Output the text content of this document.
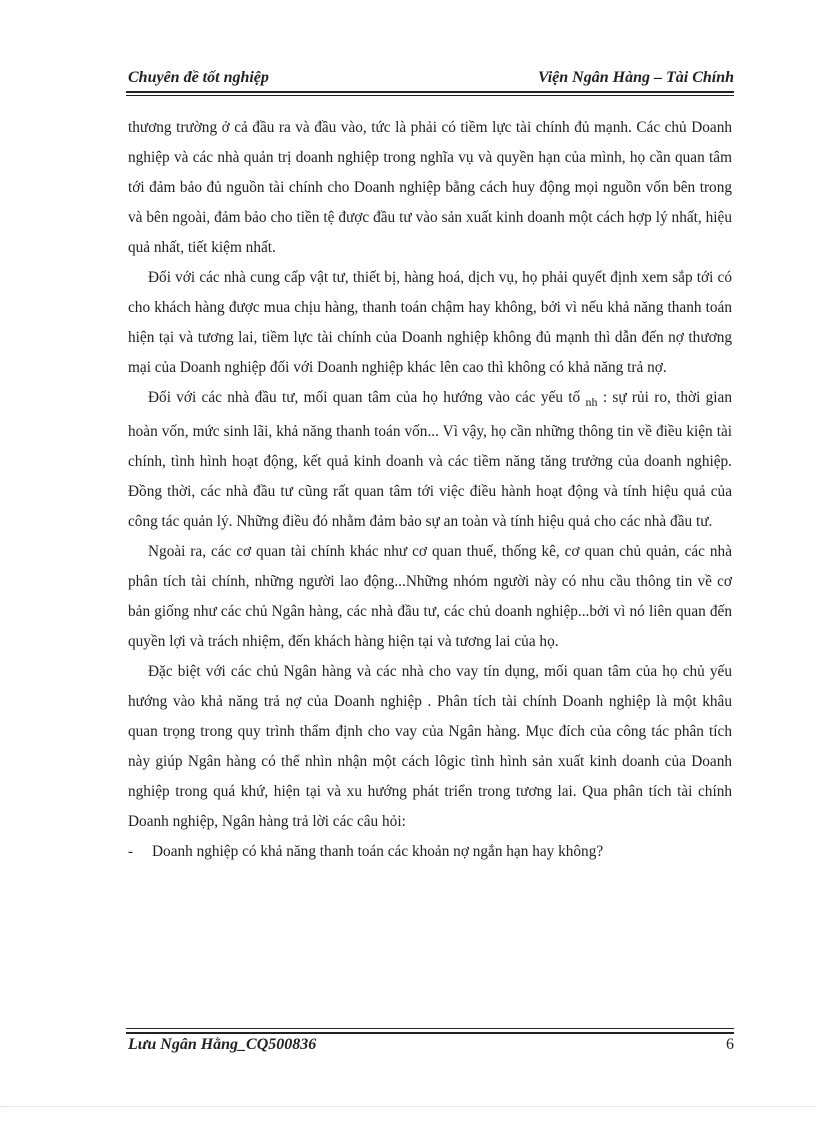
Chuyên đề tốt nghiệp	Viện Ngân Hàng – Tài Chính

thương trường ở cả đầu ra và đầu vào, tức là phải có tiềm lực tài chính đủ mạnh. Các chủ Doanh nghiệp và các nhà quản trị doanh nghiệp trong nghĩa vụ và quyền hạn của mình, họ cần quan tâm tới đảm bảo đủ nguồn tài chính cho Doanh nghiệp bằng cách huy động mọi nguồn vốn bên trong và bên ngoài, đảm bảo cho tiền tệ được đầu tư vào sản xuất kinh doanh một cách hợp lý nhất, hiệu quả nhất, tiết kiệm nhất.

Đối với các nhà cung cấp vật tư, thiết bị, hàng hoá, dịch vụ, họ phải quyết định xem sắp tới có cho khách hàng được mua chịu hàng, thanh toán chậm hay không, bởi vì nếu khả năng thanh toán hiện tại và tương lai, tiềm lực tài chính của Doanh nghiệp không đủ mạnh thì dẫn đến nợ thương mại của Doanh nghiệp đối với Doanh nghiệp khác lên cao thì không có khả năng trả nợ.

Đối với các nhà đầu tư, mối quan tâm của họ hướng vào các yếu tố $_{nh}$ : sự rủi ro, thời gian hoàn vốn, mức sinh lãi, khả năng thanh toán vốn... Vì vậy, họ cần những thông tin về điều kiện tài chính, tình hình hoạt động, kết quả kinh doanh và các tiềm năng tăng trưởng của doanh nghiệp. Đồng thời, các nhà đầu tư cũng rất quan tâm tới việc điều hành hoạt động và tính hiệu quả của công tác quản lý. Những điều đó nhằm đảm bảo sự an toàn và tính hiệu quả cho các nhà đầu tư.

Ngoài ra, các cơ quan tài chính khác như cơ quan thuế, thống kê, cơ quan chủ quản, các nhà phân tích tài chính, những người lao động...Những nhóm người này có nhu cầu thông tin về cơ bản giống như các chủ Ngân hàng, các nhà đầu tư, các chủ doanh nghiệp...bởi vì nó liên quan đến quyền lợi và trách nhiệm, đến khách hàng hiện tại và tương lai của họ.

Đặc biệt với các chủ Ngân hàng và các nhà cho vay tín dụng, mối quan tâm của họ chủ yếu hướng vào khả năng trả nợ của Doanh nghiệp . Phân tích tài chính Doanh nghiệp là một khâu quan trọng trong quy trình thẩm định cho vay của Ngân hàng. Mục đích của công tác phân tích này giúp Ngân hàng có thể nhìn nhận một cách lôgic tình hình sản xuất kinh doanh của Doanh nghiệp trong quá khứ, hiện tại và xu hướng phát triển trong tương lai. Qua phân tích tài chính Doanh nghiệp, Ngân hàng trả lời các câu hỏi:

- Doanh nghiệp có khả năng thanh toán các khoản nợ ngắn hạn hay không?

Lưu Ngân Hằng_CQ500836	6
